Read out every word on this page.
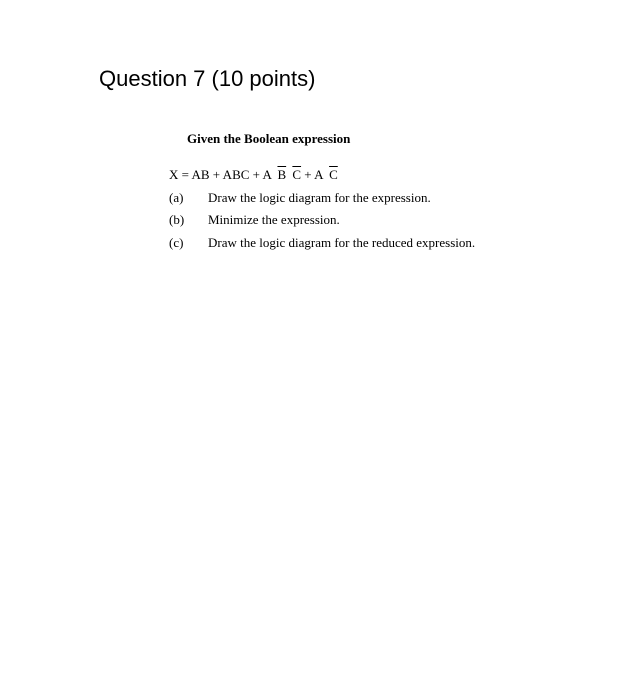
Question 7 (10 points)
Given the Boolean expression
X = AB + ABC + A $\overline{B}$ $\overline{C} + A$ $\overline{C}$
(a) Draw the logic diagram for the expression.
(b) Minimize the expression.
(c) Draw the logic diagram for the reduced expression.
